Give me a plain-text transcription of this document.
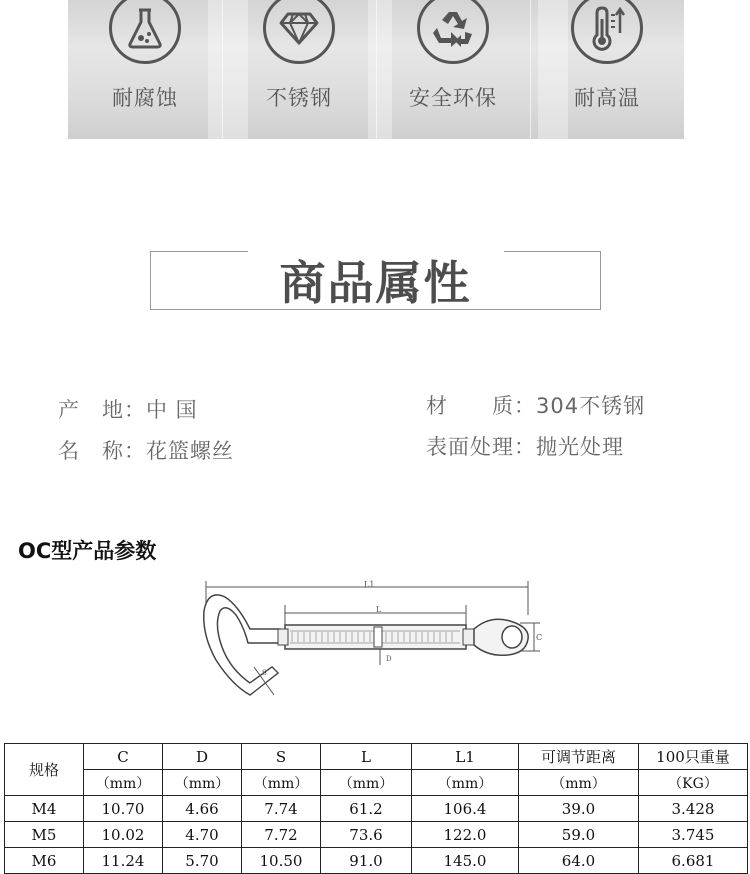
耐腐蚀	不锈钢	安全环保	耐高温
商品属性
产　地：中 国
名　称：花篮螺丝
材　　质：304不锈钢
表面处理：抛光处理
OC型产品参数
L1
L
C
D
S
规格	C	D	S	L	L1	可调节距离	100只重量
	（mm）	（mm）	（mm）	（mm）	（mm）	（mm）	（KG）
M4	10.70	4.66	7.74	61.2	106.4	39.0	3.428
M5	10.02	4.70	7.72	73.6	122.0	59.0	3.745
M6	11.24	5.70	10.50	91.0	145.0	64.0	6.681
